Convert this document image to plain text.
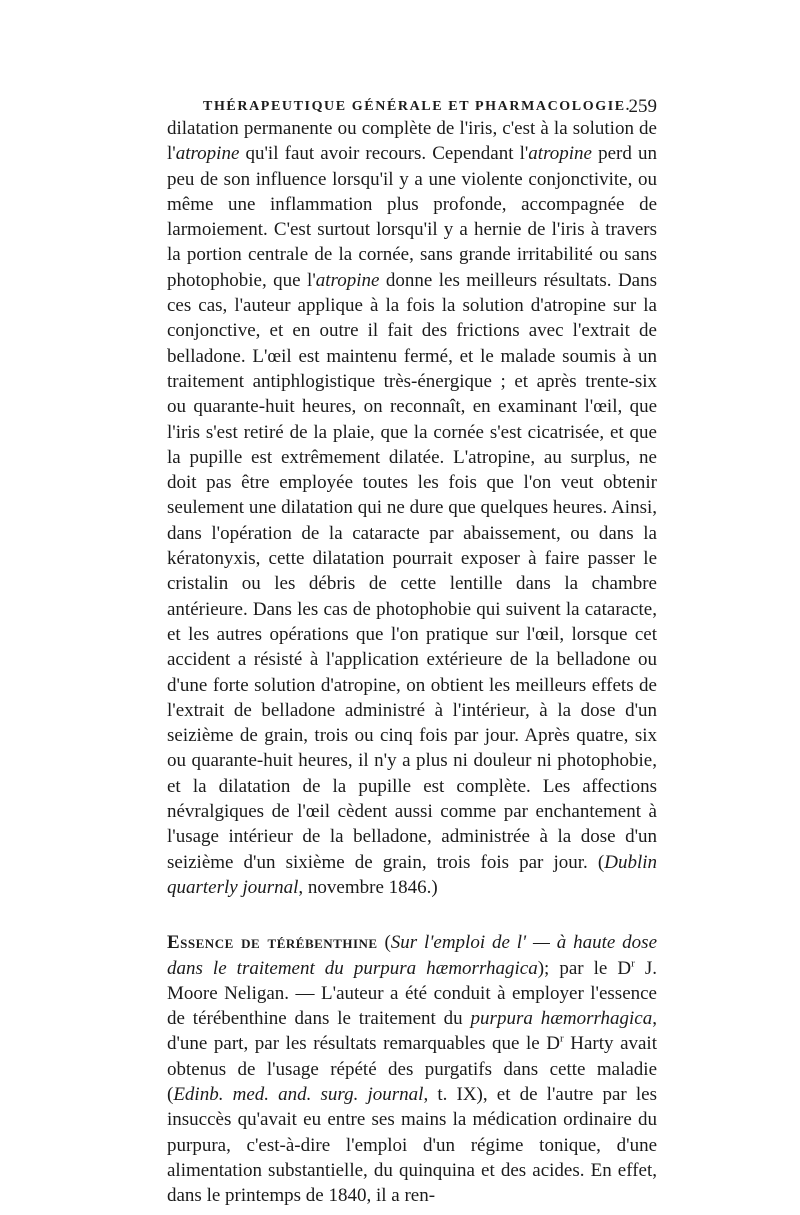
THÉRAPEUTIQUE GÉNÉRALE ET PHARMACOLOGIE.
259

dilatation permanente ou complète de l'iris, c'est à la solution de l'atropine qu'il faut avoir recours. Cependant l'atropine perd un peu de son influence lorsqu'il y a une violente conjonctivite, ou même une inflammation plus profonde, accompagnée de larmoiement. C'est surtout lorsqu'il y a hernie de l'iris à travers la portion centrale de la cornée, sans grande irritabilité ou sans photophobie, que l'atropine donne les meilleurs résultats. Dans ces cas, l'auteur applique à la fois la solution d'atropine sur la conjonctive, et en outre il fait des frictions avec l'extrait de belladone. L'œil est maintenu fermé, et le malade soumis à un traitement antiphlogistique très-énergique ; et après trente-six ou quarante-huit heures, on reconnaît, en examinant l'œil, que l'iris s'est retiré de la plaie, que la cornée s'est cicatrisée, et que la pupille est extrêmement dilatée. L'atropine, au surplus, ne doit pas être employée toutes les fois que l'on veut obtenir seulement une dilatation qui ne dure que quelques heures. Ainsi, dans l'opération de la cataracte par abaissement, ou dans la kératonyxis, cette dilatation pourrait exposer à faire passer le cristalin ou les débris de cette lentille dans la chambre antérieure. Dans les cas de photophobie qui suivent la cataracte, et les autres opérations que l'on pratique sur l'œil, lorsque cet accident a résisté à l'application extérieure de la belladone ou d'une forte solution d'atropine, on obtient les meilleurs effets de l'extrait de belladone administré à l'intérieur, à la dose d'un seizième de grain, trois ou cinq fois par jour. Après quatre, six ou quarante-huit heures, il n'y a plus ni douleur ni photophobie, et la dilatation de la pupille est complète. Les affections névralgiques de l'œil cèdent aussi comme par enchantement à l'usage intérieur de la belladone, administrée à la dose d'un seizième d'un sixième de grain, trois fois par jour. (Dublin quarterly journal, novembre 1846.)

Essence de térébenthine (Sur l'emploi de l' — à haute dose dans le traitement du purpura hæmorrhagica); par le $D^r$ J. Moore Neligan. — L'auteur a été conduit à employer l'essence de térébenthine dans le traitement du purpura hæmorrhagica, d'une part, par les résultats remarquables que le $D^r$ Harty avait obtenus de l'usage répété des purgatifs dans cette maladie (Edinb. med. and. surg. journal, t. IX), et de l'autre par les insuccès qu'avait eu entre ses mains la médication ordinaire du purpura, c'est-à-dire l'emploi d'un régime tonique, d'une alimentation substantielle, du quinquina et des acides. En effet, dans le printemps de 1840, il a ren-
